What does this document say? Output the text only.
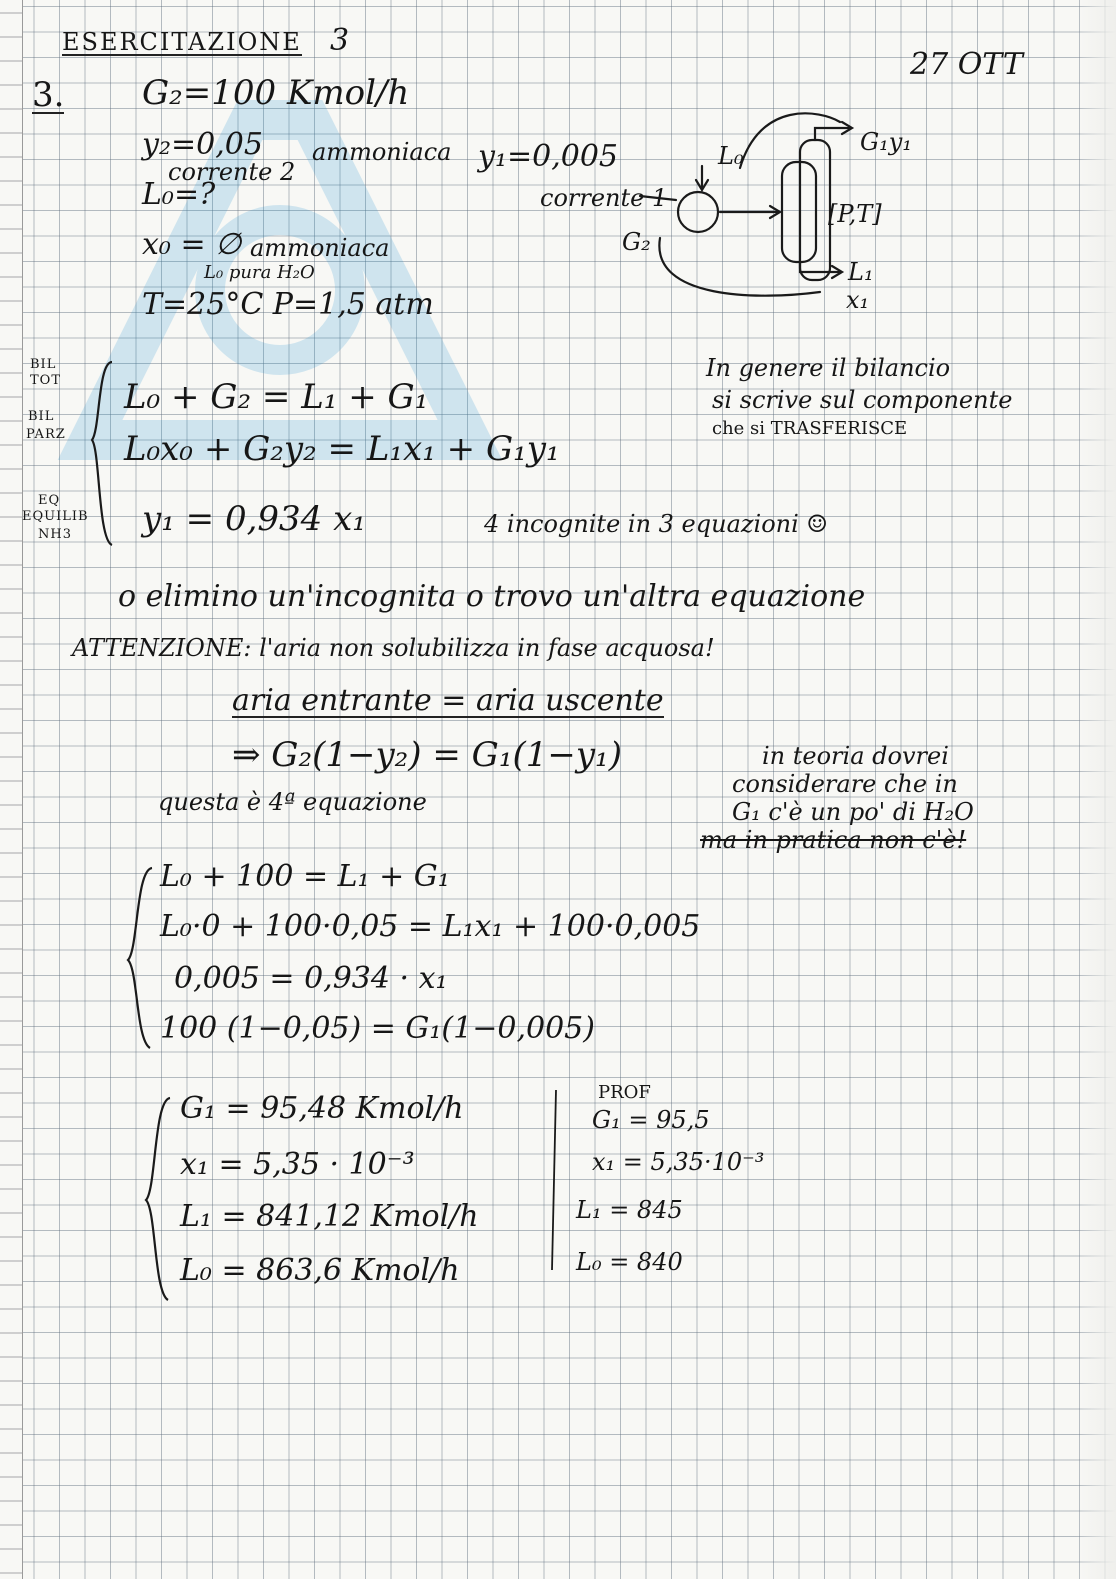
ESERCITAZIONE 3
27 OTT
3. G₂=100 Kmol/h
y₂=0,05 ammoniaca
corrente 2
L₀=?
x₀ = ∅ ammoniaca
L₀ pura H₂O
T=25°C P=1,5 atm
y₁=0,005
corrente 1
L₀	G₁y₁
G₂
[P,T]
L₁
x₁
BIL
TOT
BIL
PARZ
EQ
EQUILIB
NH3
L₀ + G₂ = L₁ + G₁
L₀x₀ + G₂y₂ = L₁x₁ + G₁y₁
y₁ = 0,934 x₁	4 incognite in 3 equazioni ☺
In genere il bilancio
si scrive sul componente
che si TRASFERISCE
o elimino un'incognita o trovo un'altra equazione
ATTENZIONE: l'aria non solubilizza in fase acquosa!
aria entrante = aria uscente
⇒ G₂(1−y₂) = G₁(1−y₁)
questa è 4ª equazione
in teoria dovrei
considerare che in
G₁ c'è un po' di H₂O
ma in pratica non c'è!
L₀ + 100 = L₁ + G₁
L₀·0 + 100·0,05 = L₁x₁ + 100·0,005
0,005 = 0,934 · x₁
100 (1−0,05) = G₁(1−0,005)
G₁ = 95,48 Kmol/h
x₁ = 5,35 · 10⁻³
L₁ = 841,12 Kmol/h
L₀ = 863,6 Kmol/h
PROF
G₁ = 95,5
x₁ = 5,35·10⁻³
L₁ = 845
L₀ = 840
